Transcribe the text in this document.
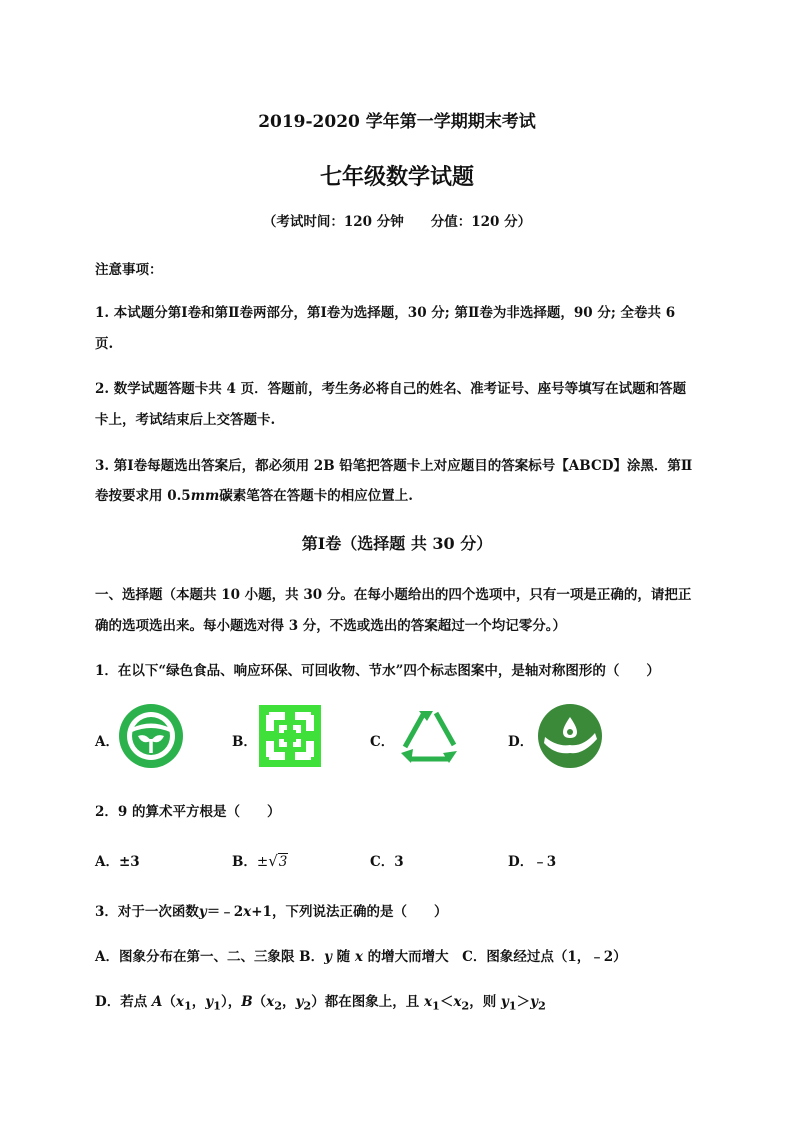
2019-2020 学年第一学期期末考试
七年级数学试题
（考试时间：120 分钟　　分值：120 分）
注意事项：
1. 本试题分第Ⅰ卷和第Ⅱ卷两部分，第Ⅰ卷为选择题，30 分; 第Ⅱ卷为非选择题，90 分; 全卷共 6
页.
2. 数学试题答题卡共 4 页．答题前，考生务必将自己的姓名、准考证号、座号等填写在试题和答题
卡上，考试结束后上交答题卡.
3. 第Ⅰ卷每题选出答案后，都必须用 2B 铅笔把答题卡上对应题目的答案标号【ABCD】涂黑．第Ⅱ
卷按要求用 0.5mm碳素笔答在答题卡的相应位置上.
第Ⅰ卷（选择题 共 30 分）
一、选择题（本题共 10 小题，共 30 分。在每小题给出的四个选项中，只有一项是正确的，请把正
确的选项选出来。每小题选对得 3 分，不选或选出的答案超过一个均记零分。）
1．在以下“绿色食品、响应环保、可回收物、节水”四个标志图案中，是轴对称图形的（　　）
A．	B．	C．	D．
2．9 的算术平方根是（　　）
A．±3	B．±√3	C．3	D．﹣3
3．对于一次函数y＝﹣2x+1，下列说法正确的是（　　）
A．图象分布在第一、二、三象限 B．y 随 x 的增大而增大　C．图象经过点（1，﹣2）
D．若点 $A(x_1$，$y_1$），$B(x_2$，$y_2$）都在图象上，且 $x_1<x_2$，则 $y_1>y_2$
